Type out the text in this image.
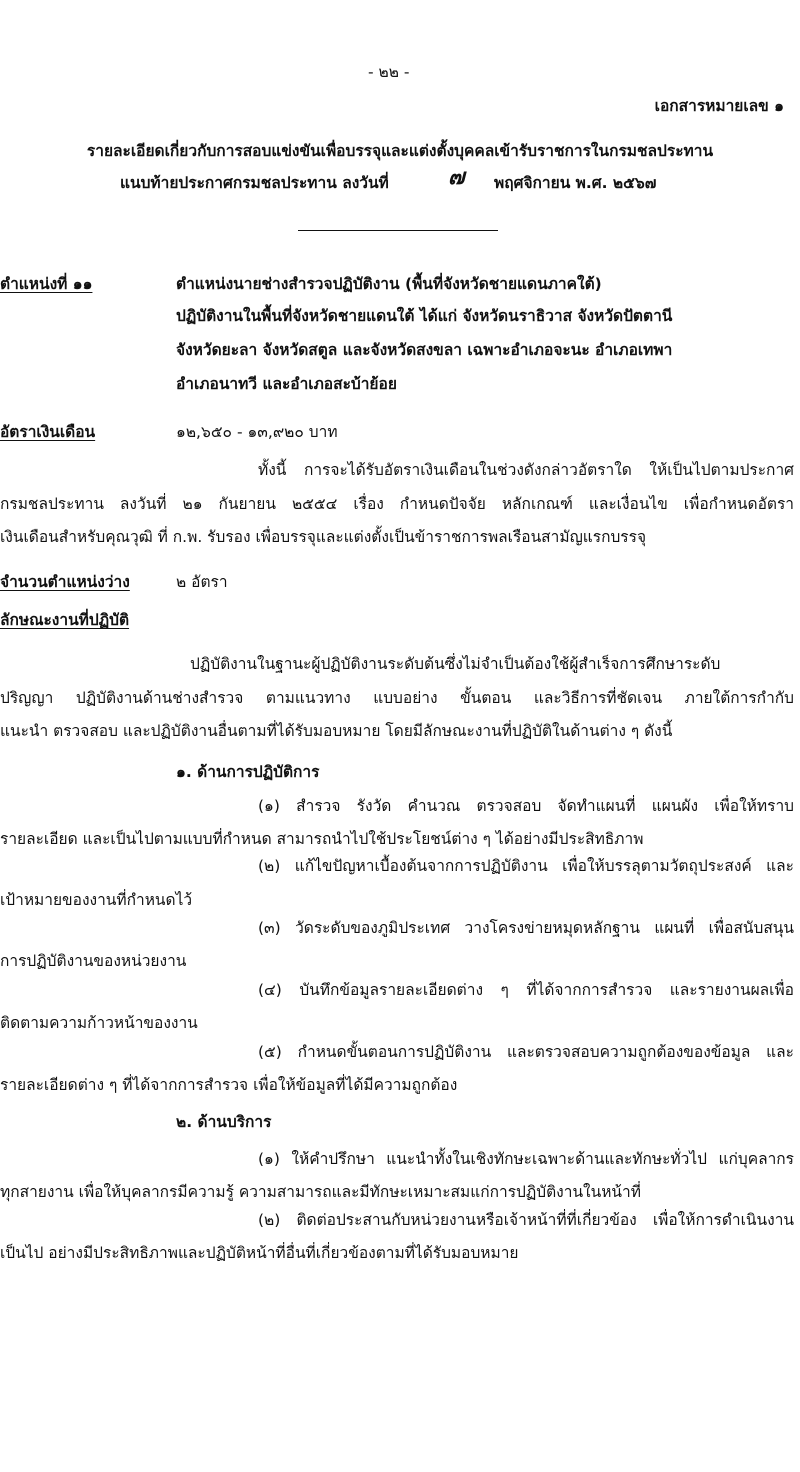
- ๒๒ -
เอกสารหมายเลข ๑
รายละเอียดเกี่ยวกับการสอบแข่งขันเพื่อบรรจุและแต่งตั้งบุคคลเข้ารับราชการในกรมชลประทาน
แนบท้ายประกาศกรมชลประทาน ลงวันที่	๗ พฤศจิกายน พ.ศ. ๒๕๖๗
ตำแหน่งที่ ๑๑	ตำแหน่งนายช่างสำรวจปฏิบัติงาน (พื้นที่จังหวัดชายแดนภาคใต้)
ปฏิบัติงานในพื้นที่จังหวัดชายแดนใต้ ได้แก่ จังหวัดนราธิวาส จังหวัดปัตตานี
จังหวัดยะลา จังหวัดสตูล และจังหวัดสงขลา เฉพาะอำเภอจะนะ อำเภอเทพา
อำเภอนาทวี และอำเภอสะบ้าย้อย
อัตราเงินเดือน	๑๒,๖๕๐ - ๑๓,๙๒๐ บาท
ทั้งนี้ การจะได้รับอัตราเงินเดือนในช่วงดังกล่าวอัตราใด ให้เป็นไปตามประกาศ
กรมชลประทาน ลงวันที่ ๒๑ กันยายน ๒๕๕๔ เรื่อง กำหนดปัจจัย หลักเกณฑ์ และเงื่อนไข เพื่อกำหนดอัตรา
เงินเดือนสำหรับคุณวุฒิ ที่ ก.พ. รับรอง เพื่อบรรจุและแต่งตั้งเป็นข้าราชการพลเรือนสามัญแรกบรรจุ
จำนวนตำแหน่งว่าง	๒ อัตรา
ลักษณะงานที่ปฏิบัติ
ปฏิบัติงานในฐานะผู้ปฏิบัติงานระดับต้นซึ่งไม่จำเป็นต้องใช้ผู้สำเร็จการศึกษาระดับ
ปริญญา ปฏิบัติงานด้านช่างสำรวจ ตามแนวทาง แบบอย่าง ขั้นตอน และวิธีการที่ชัดเจน ภายใต้การกำกับ
แนะนำ ตรวจสอบ และปฏิบัติงานอื่นตามที่ได้รับมอบหมาย โดยมีลักษณะงานที่ปฏิบัติในด้านต่าง ๆ ดังนี้
๑. ด้านการปฏิบัติการ
(๑) สำรวจ รังวัด คำนวณ ตรวจสอบ จัดทำแผนที่ แผนผัง เพื่อให้ทราบ
รายละเอียด และเป็นไปตามแบบที่กำหนด สามารถนำไปใช้ประโยชน์ต่าง ๆ ได้อย่างมีประสิทธิภาพ
(๒) แก้ไขปัญหาเบื้องต้นจากการปฏิบัติงาน เพื่อให้บรรลุตามวัตถุประสงค์ และ
เป้าหมายของงานที่กำหนดไว้
(๓) วัดระดับของภูมิประเทศ วางโครงข่ายหมุดหลักฐาน แผนที่ เพื่อสนับสนุน
การปฏิบัติงานของหน่วยงาน
(๔) บันทึกข้อมูลรายละเอียดต่าง ๆ ที่ได้จากการสำรวจ และรายงานผลเพื่อ
ติดตามความก้าวหน้าของงาน
(๕) กำหนดขั้นตอนการปฏิบัติงาน และตรวจสอบความถูกต้องของข้อมูล และ
รายละเอียดต่าง ๆ ที่ได้จากการสำรวจ เพื่อให้ข้อมูลที่ได้มีความถูกต้อง
๒. ด้านบริการ
(๑) ให้คำปรึกษา แนะนำทั้งในเชิงทักษะเฉพาะด้านและทักษะทั่วไป แก่บุคลากร
ทุกสายงาน เพื่อให้บุคลากรมีความรู้ ความสามารถและมีทักษะเหมาะสมแก่การปฏิบัติงานในหน้าที่
(๒) ติดต่อประสานกับหน่วยงานหรือเจ้าหน้าที่ที่เกี่ยวข้อง เพื่อให้การดำเนินงาน
เป็นไป อย่างมีประสิทธิภาพและปฏิบัติหน้าที่อื่นที่เกี่ยวข้องตามที่ได้รับมอบหมาย
